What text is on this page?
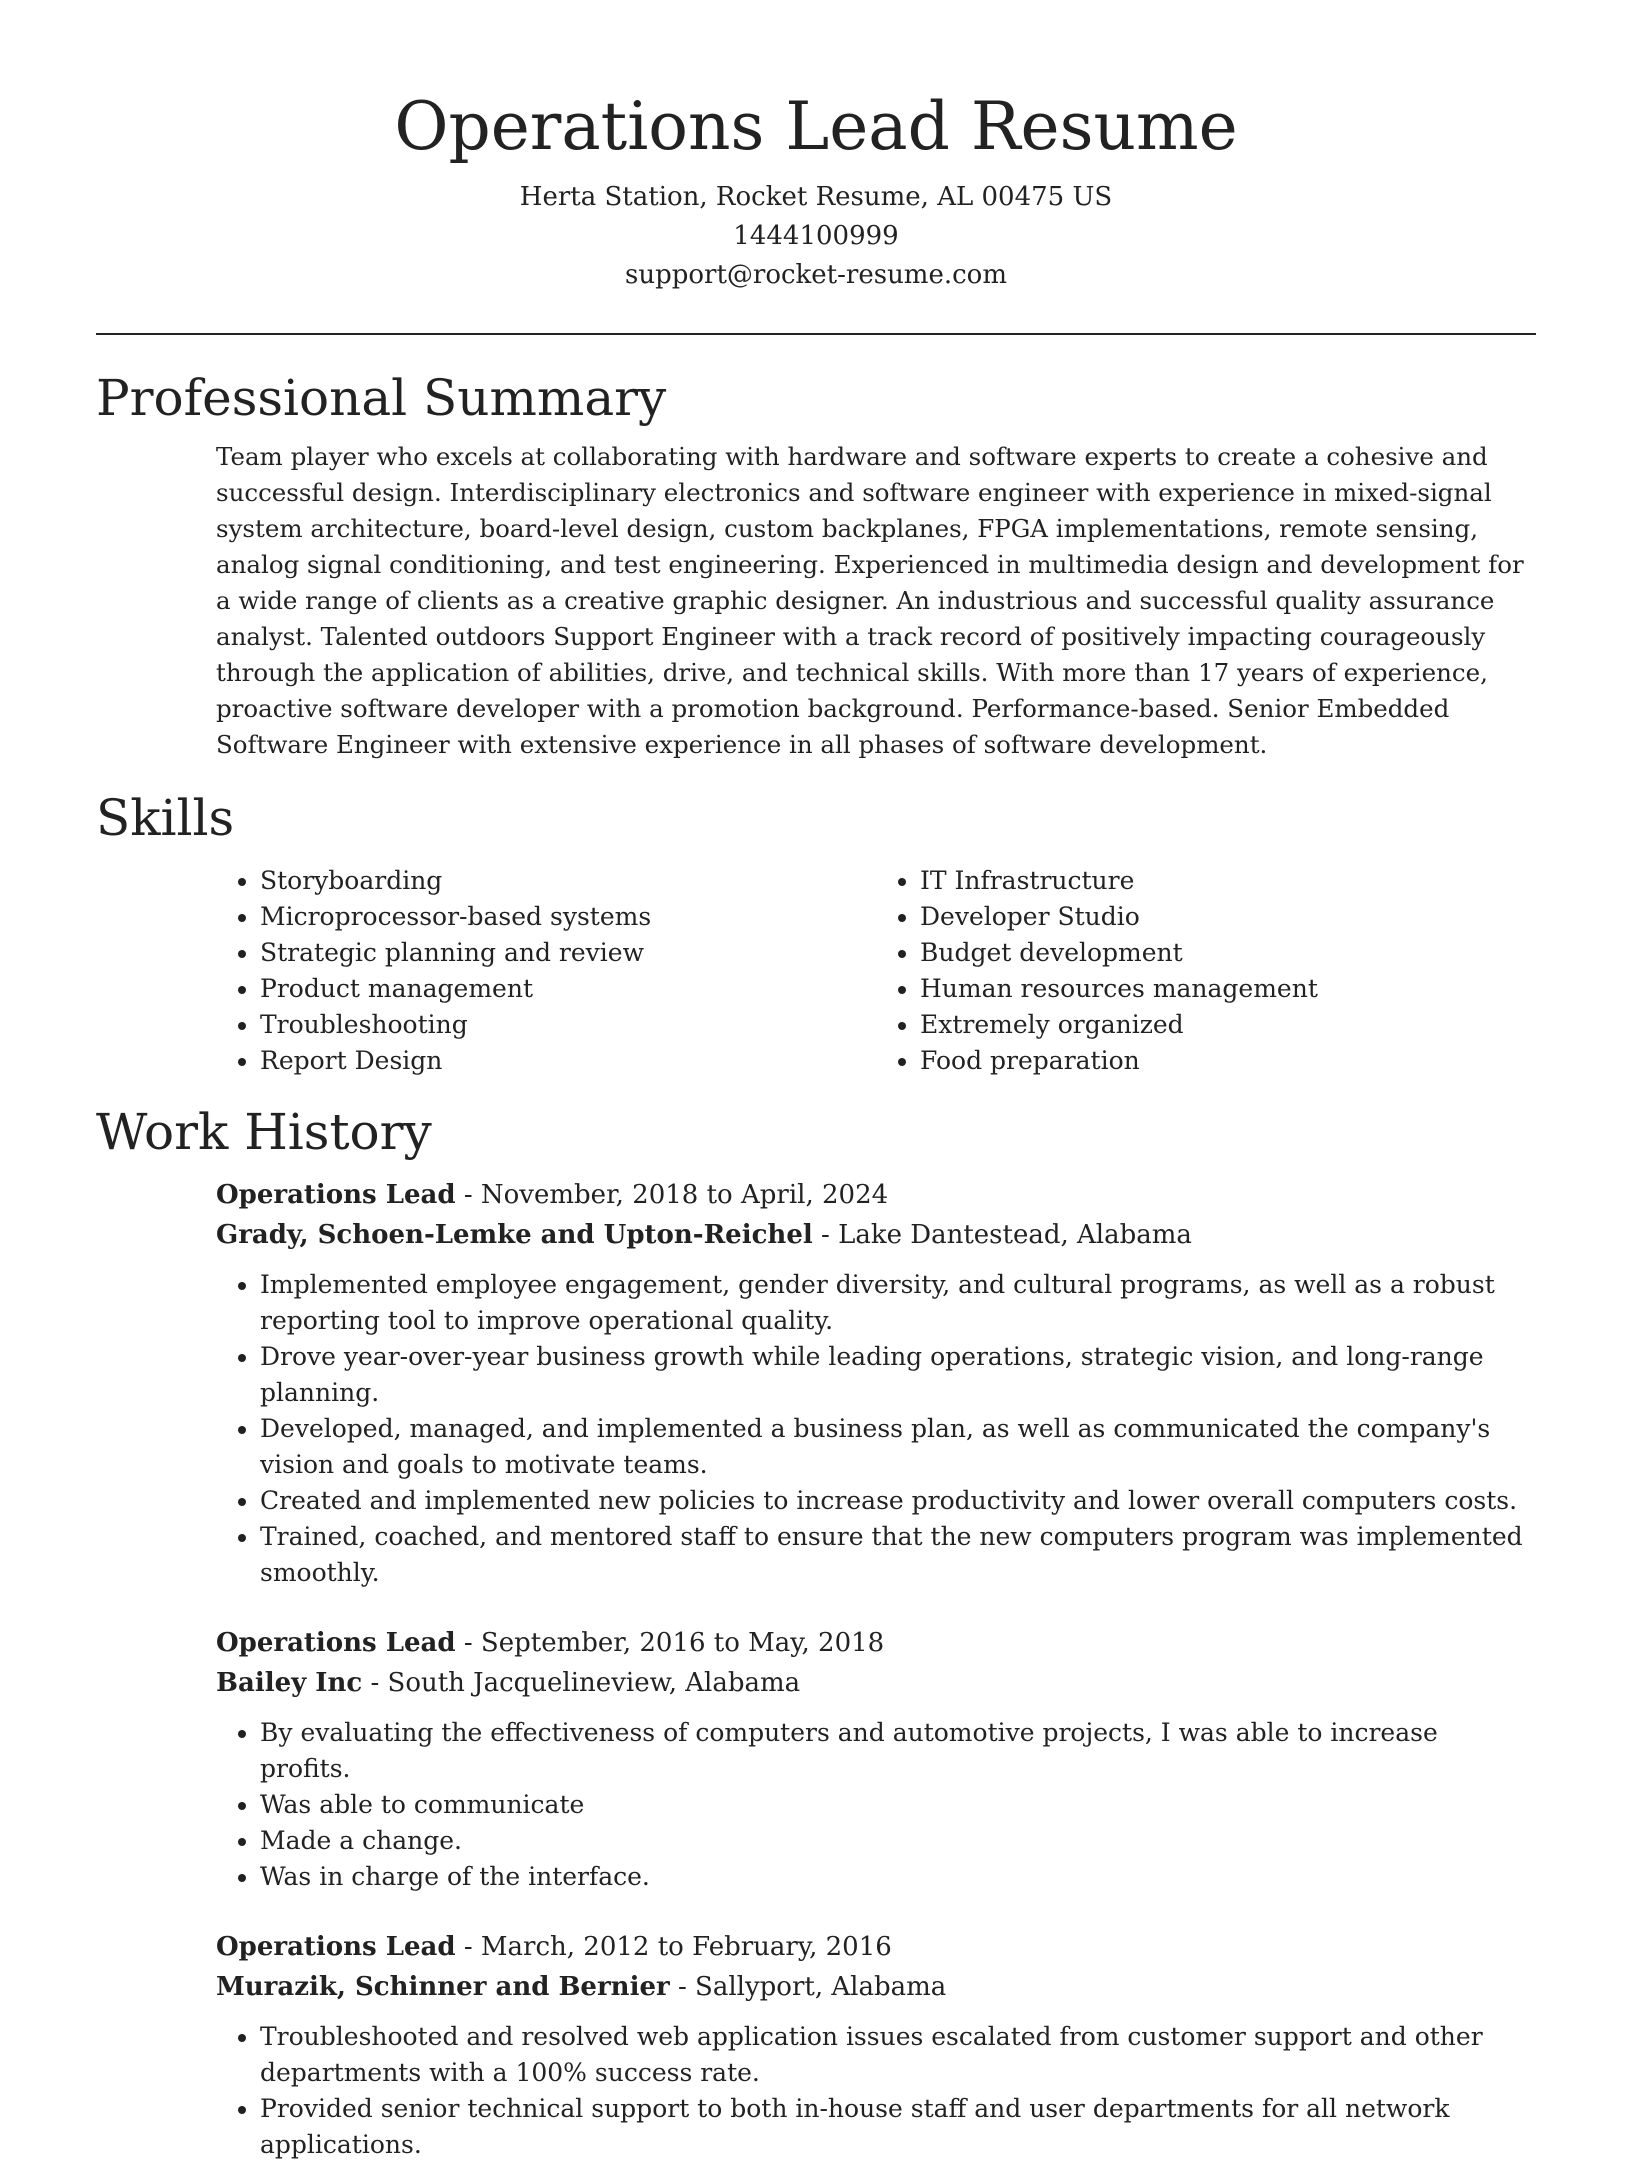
Operations Lead Resume
Herta Station, Rocket Resume, AL 00475 US
1444100999
support@rocket-resume.com
Professional Summary

Team player who excels at collaborating with hardware and software experts to create a cohesive and successful design. Interdisciplinary electronics and software engineer with experience in mixed-signal system architecture, board-level design, custom backplanes, FPGA implementations, remote sensing, analog signal conditioning, and test engineering. Experienced in multimedia design and development for a wide range of clients as a creative graphic designer. An industrious and successful quality assurance analyst. Talented outdoors Support Engineer with a track record of positively impacting courageously through the application of abilities, drive, and technical skills. With more than 17 years of experience, proactive software developer with a promotion background. Performance-based. Senior Embedded Software Engineer with extensive experience in all phases of software development.

Skills
• Storyboarding
• Microprocessor-based systems
• Strategic planning and review
• Product management
• Troubleshooting
• Report Design
• IT Infrastructure
• Developer Studio
• Budget development
• Human resources management
• Extremely organized
• Food preparation
Work History
Operations Lead - November, 2018 to April, 2024
Grady, Schoen-Lemke and Upton-Reichel - Lake Dantestead, Alabama
• Implemented employee engagement, gender diversity, and cultural programs, as well as a robust reporting tool to improve operational quality.
• Drove year-over-year business growth while leading operations, strategic vision, and long-range planning.
• Developed, managed, and implemented a business plan, as well as communicated the company's vision and goals to motivate teams.
• Created and implemented new policies to increase productivity and lower overall computers costs.
• Trained, coached, and mentored staff to ensure that the new computers program was implemented smoothly.
Operations Lead - September, 2016 to May, 2018
Bailey Inc - South Jacquelineview, Alabama
• By evaluating the effectiveness of computers and automotive projects, I was able to increase profits.
• Was able to communicate
• Made a change.
• Was in charge of the interface.
Operations Lead - March, 2012 to February, 2016
Murazik, Schinner and Bernier - Sallyport, Alabama
• Troubleshooted and resolved web application issues escalated from customer support and other departments with a 100% success rate.
• Provided senior technical support to both in-house staff and user departments for all network applications.
